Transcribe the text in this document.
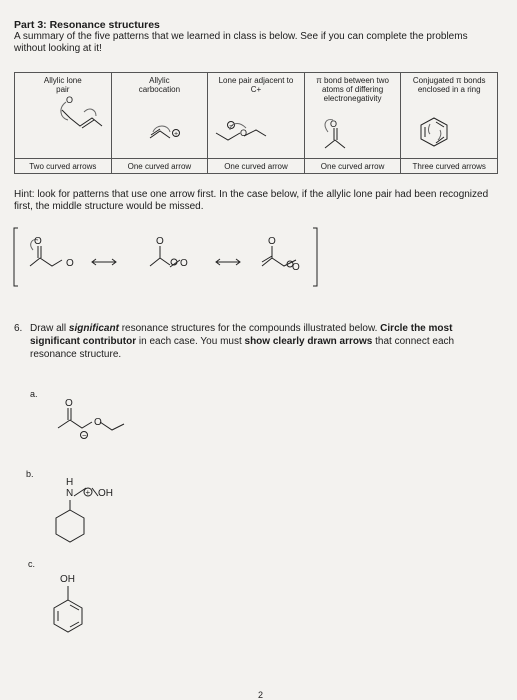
Part 3: Resonance structures
A summary of the five patterns that we learned in class is below. See if you can complete the problems without looking at it!
Allylic lone pair	Allylic carbocation	Lone pair adjacent to C+	π bond between two atoms of differing electronegativity	Conjugated π bonds enclosed in a ring

Two curved arrows	One curved arrow	One curved arrow	One curved arrow	Three curved arrows
O
O
O
+
−
Hint: look for patterns that use one arrow first. In the case below, if the allylic lone pair had been recognized first, the middle structure would be missed.
O
O
O	O
O	O
6. Draw all significant resonance structures for the compounds illustrated below. Circle the most significant contributor in each case. You must show clearly drawn arrows that connect each resonance structure.
a.
b.
c.
O
O
−
H
N + OH
OH
2
